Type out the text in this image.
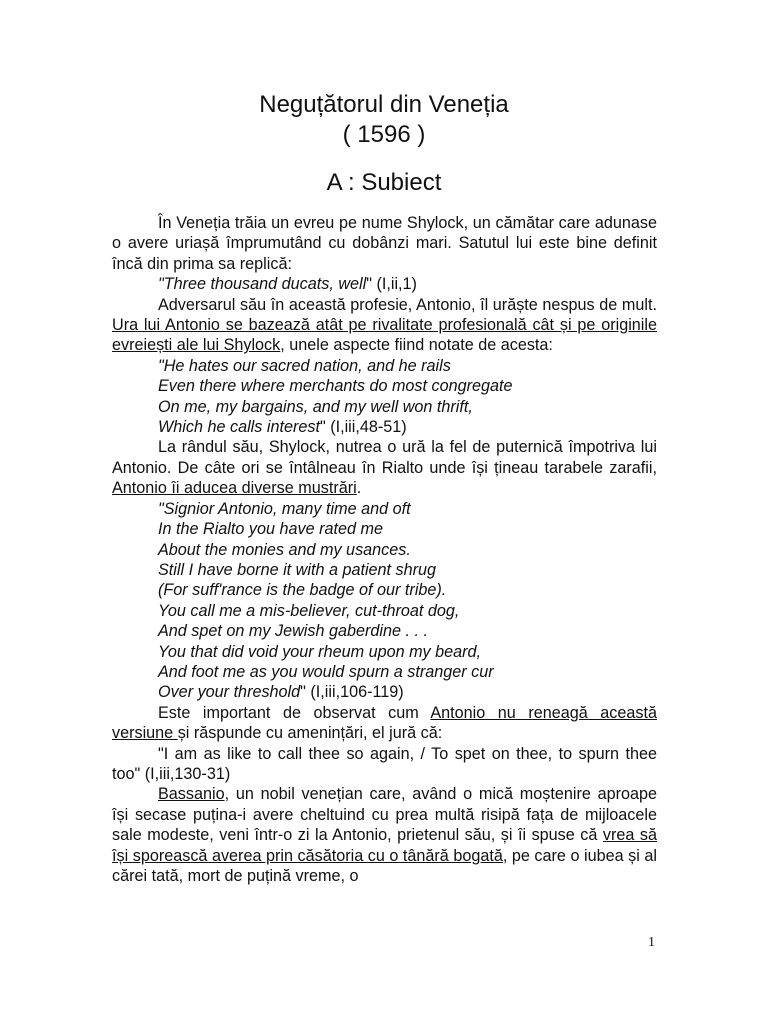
Neguțătorul din Veneția
( 1596 )
A : Subiect

În Veneția trăia un evreu pe nume Shylock, un cămătar care adunase o avere uriașă împrumutând cu dobânzi mari. Satutul lui este bine definit încă din prima sa replică:

"Three thousand ducats, well" (I,ii,1)

Adversarul său în această profesie, Antonio, îl urăște nespus de mult. Ura lui Antonio se bazează atât pe rivalitate profesională cât și pe originile evreiești ale lui Shylock, unele aspecte fiind notate de acesta:

"He hates our sacred nation, and he rails

Even there where merchants do most congregate

On me, my bargains, and my well won thrift,

Which he calls interest" (I,iii,48-51)

La rândul său, Shylock, nutrea o ură la fel de puternică împotriva lui Antonio. De câte ori se întâlneau în Rialto unde își țineau tarabele zarafii, Antonio îi aducea diverse mustrări.

"Signior Antonio, many time and oft

In the Rialto you have rated me

About the monies and my usances.

Still I have borne it with a patient shrug

(For suff'rance is the badge of our tribe).

You call me a mis-believer, cut-throat dog,

And spet on my Jewish gaberdine . . .

You that did void your rheum upon my beard,

And foot me as you would spurn a stranger cur

Over your threshold" (I,iii,106-119)

Este important de observat cum Antonio nu reneagă această versiune și răspunde cu amenințări, el jură că:

"I am as like to call thee so again, / To spet on thee, to spurn thee too" (I,iii,130-31)

Bassanio, un nobil venețian care, având o mică moștenire aproape își secase puțina-i avere cheltuind cu prea multă risipă fața de mijloacele sale modeste, veni într-o zi la Antonio, prietenul său, și îi spuse că vrea să își sporească averea prin căsătoria cu o tânără bogată, pe care o iubea și al cărei tată, mort de puțină vreme, o

1
